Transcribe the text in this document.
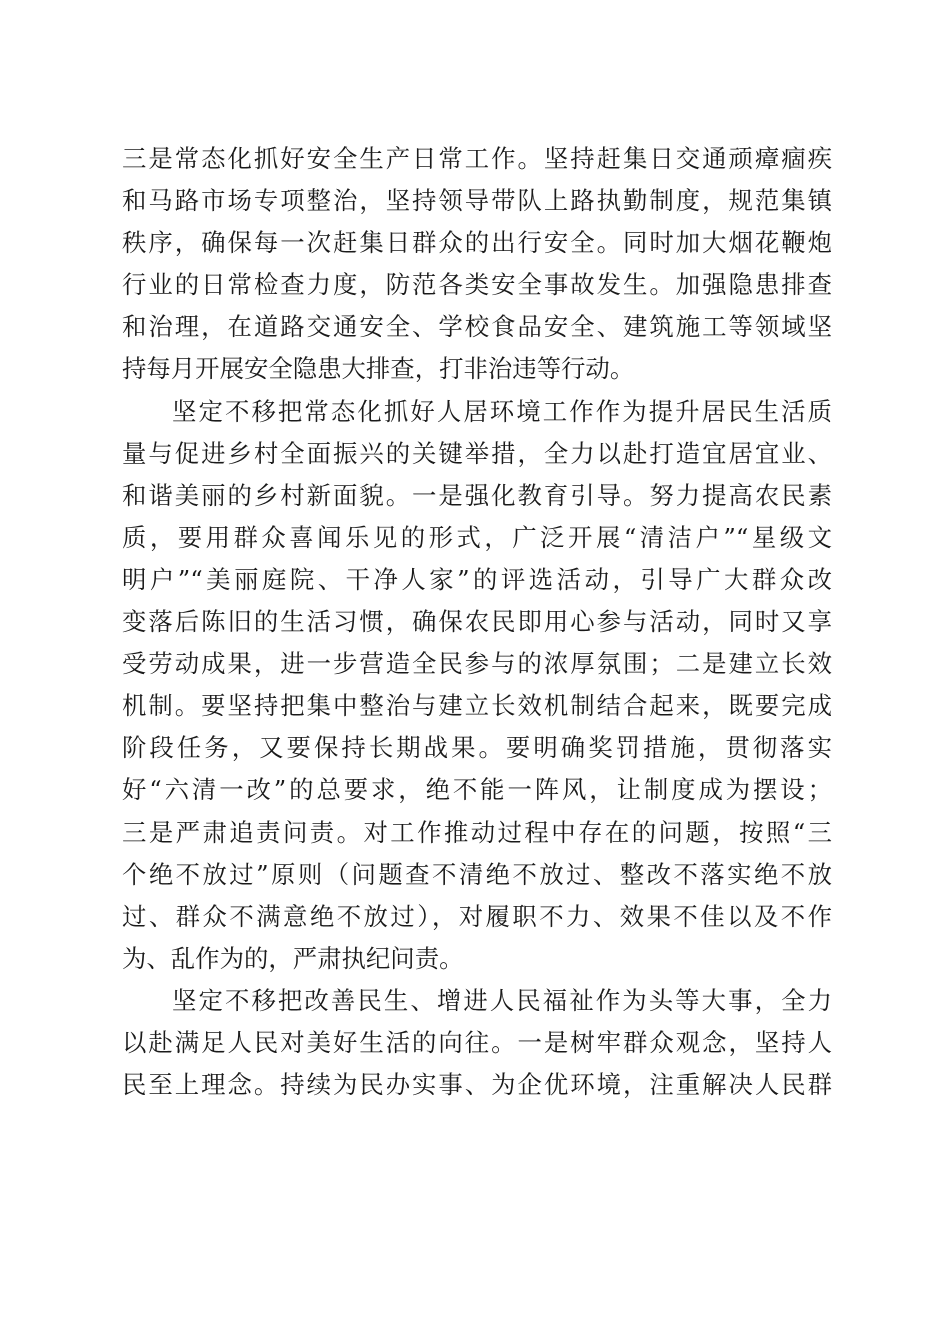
三是常态化抓好安全生产日常工作。坚持赶集日交通顽瘴痼疾
和马路市场专项整治，坚持领导带队上路执勤制度，规范集镇
秩序，确保每一次赶集日群众的出行安全。同时加大烟花鞭炮
行业的日常检查力度，防范各类安全事故发生。加强隐患排查
和治理，在道路交通安全、学校食品安全、建筑施工等领域坚
持每月开展安全隐患大排查，打非治违等行动。
坚定不移把常态化抓好人居环境工作作为提升居民生活质
量与促进乡村全面振兴的关键举措，全力以赴打造宜居宜业、
和谐美丽的乡村新面貌。一是强化教育引导。努力提高农民素
质，要用群众喜闻乐见的形式，广泛开展“清洁户”“星级文
明户”“美丽庭院、干净人家”的评选活动，引导广大群众改
变落后陈旧的生活习惯，确保农民即用心参与活动，同时又享
受劳动成果，进一步营造全民参与的浓厚氛围；二是建立长效
机制。要坚持把集中整治与建立长效机制结合起来，既要完成
阶段任务，又要保持长期战果。要明确奖罚措施，贯彻落实
好“六清一改”的总要求，绝不能一阵风，让制度成为摆设；
三是严肃追责问责。对工作推动过程中存在的问题，按照“三
个绝不放过”原则（问题查不清绝不放过、整改不落实绝不放
过、群众不满意绝不放过），对履职不力、效果不佳以及不作
为、乱作为的，严肃执纪问责。
坚定不移把改善民生、增进人民福祉作为头等大事，全力
以赴满足人民对美好生活的向往。一是树牢群众观念，坚持人
民至上理念。持续为民办实事、为企优环境，注重解决人民群
